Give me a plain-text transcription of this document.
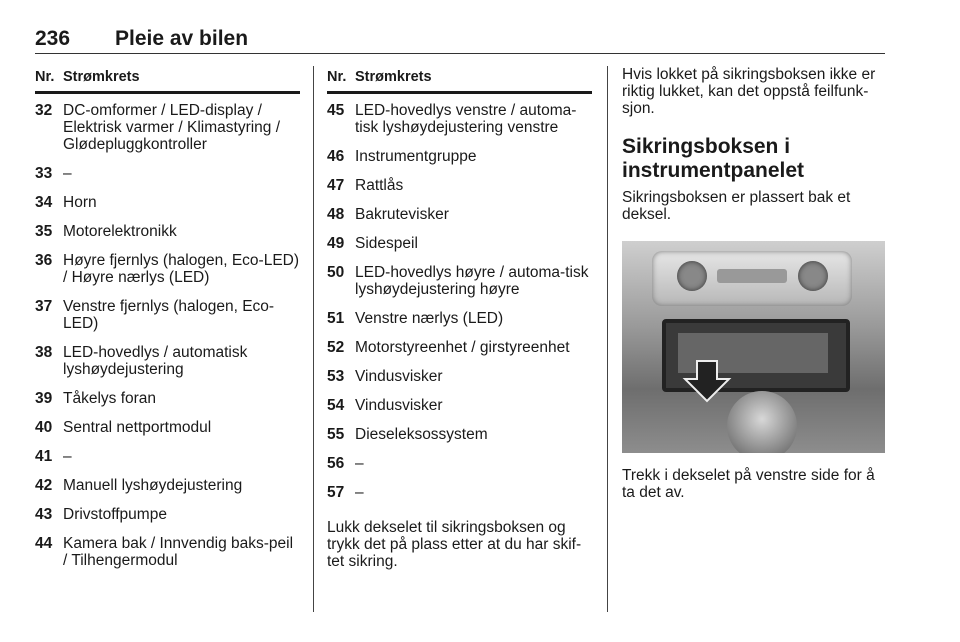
236 Pleie av bilen
Nr.	Strømkrets
32	DC-omformer / LED-display / Elektrisk varmer / Klimastyring / Glødepluggkontroller
33	–
34	Horn
35	Motorelektronikk
36	Høyre fjernlys (halogen, Eco-LED) / Høyre nærlys (LED)
37	Venstre fjernlys (halogen, Eco-LED)
38	LED-hovedlys / automatisk lyshøydejustering
39	Tåkelys foran
40	Sentral nettportmodul
41	–
42	Manuell lyshøydejustering
43	Drivstoffpumpe
44	Kamera bak / Innvendig baks-peil / Tilhengermodul
Nr.	Strømkrets
45	LED-hovedlys venstre / automa-tisk lyshøydejustering venstre
46	Instrumentgruppe
47	Rattlås
48	Bakrutevisker
49	Sidespeil
50	LED-hovedlys høyre / automa-tisk lyshøydejustering høyre
51	Venstre nærlys (LED)
52	Motorstyreenhet / girstyreenhet
53	Vindusvisker
54	Vindusvisker
55	Dieseleksossystem
56	–
57	–

Lukk dekselet til sikringsboksen og trykk det på plass etter at du har skif-tet sikring.

Hvis lokket på sikringsboksen ikke er riktig lukket, kan det oppstå feilfunk-sjon.

Sikringsboksen i instrumentpanelet

Sikringsboksen er plassert bak et deksel.

Trekk i dekselet på venstre side for å ta det av.
